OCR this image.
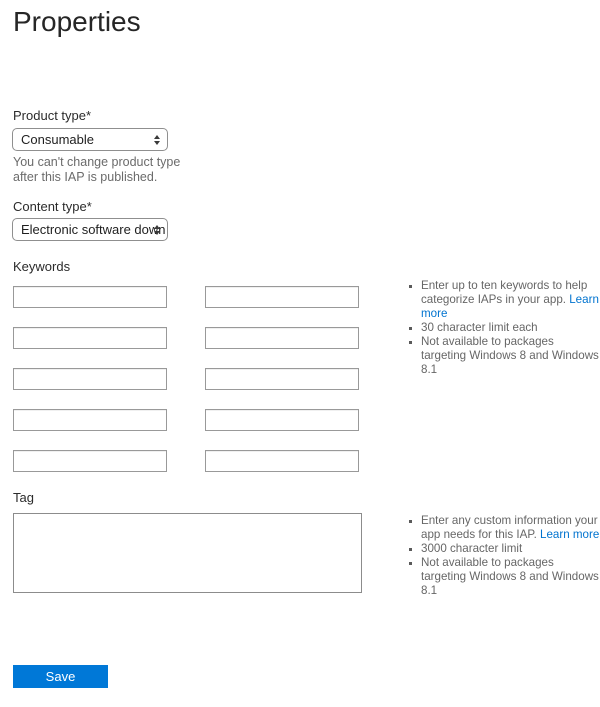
Properties
Product type*
Consumable
You can't change product type after this IAP is published.
Content type*
Electronic software down
Keywords
▪ Enter up to ten keywords to help categorize IAPs in your app. Learn more
▪ 30 character limit each
▪ Not available to packages targeting Windows 8 and Windows 8.1
Tag
▪ Enter any custom information your app needs for this IAP. Learn more
▪ 3000 character limit
▪ Not available to packages targeting Windows 8 and Windows 8.1
Save
